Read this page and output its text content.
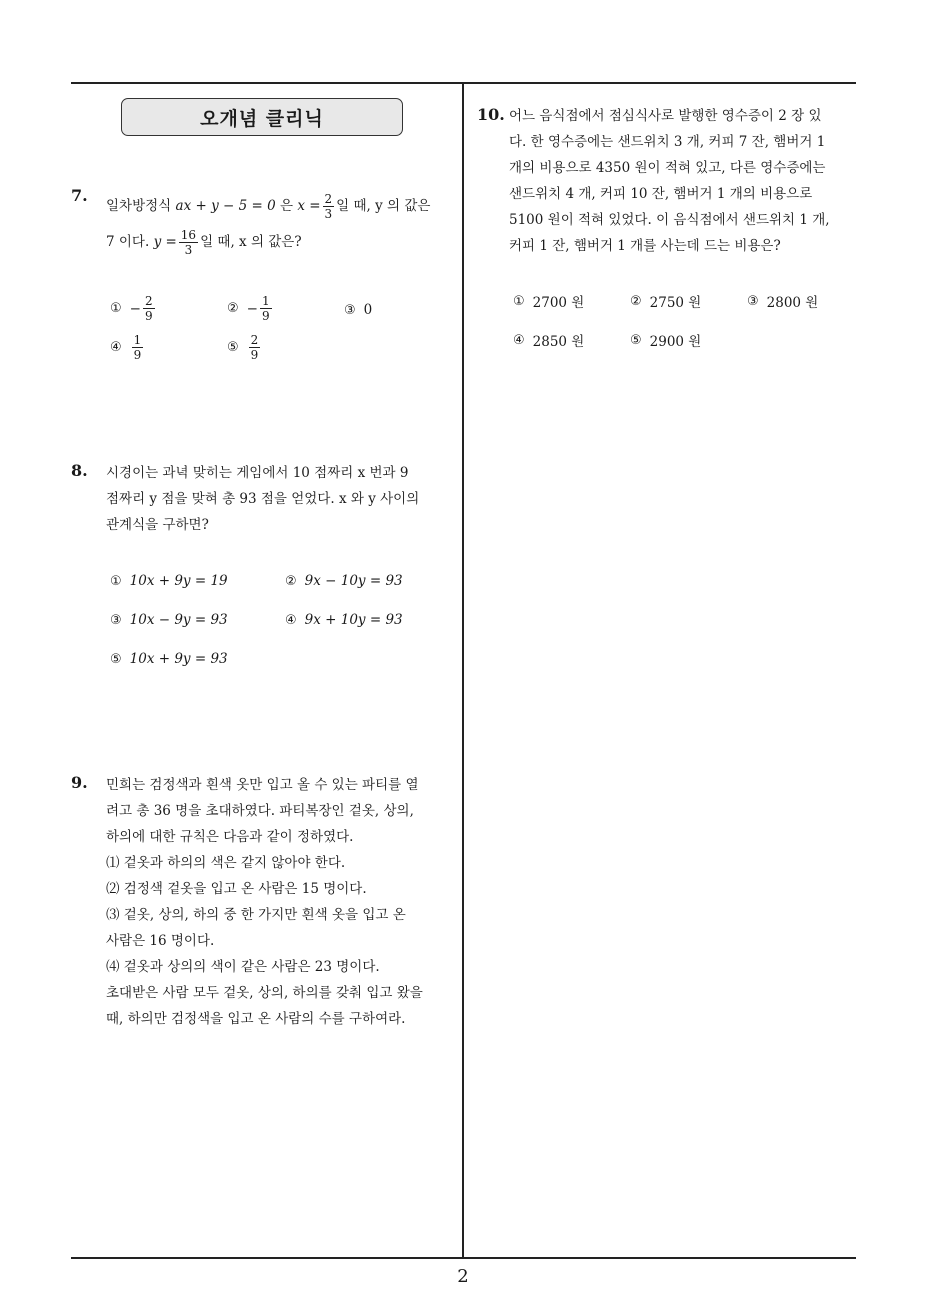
오개념 클리닉
7.
일차방정식
ax + y − 5 = 0
은
$x = \frac{2}{3}$ 일 때, y 의 값은
7 이다.
$y = \frac{16}{3}$ 일 때, x 의 값은?
① − $\frac{2}{9}$	② − $\frac{1}{9}$	③ 0
④ $\frac{1}{9}$	⑤ $\frac{2}{9}$
8. 시경이는 과녁 맞히는 게임에서 10 점짜리 x 번과 9
점짜리 y 점을 맞혀 총 93 점을 얻었다. x 와 y 사이의
관계식을 구하면?
① 10x + 9y = 19	② 9x − 10y = 93
③ 10x − 9y = 93	④ 9x + 10y = 93
⑤ 10x + 9y = 93
9. 민희는 검정색과 흰색 옷만 입고 올 수 있는 파티를 열
려고 총 36 명을 초대하였다. 파티복장인 겉옷, 상의,
하의에 대한 규칙은 다음과 같이 정하였다.
⑴ 겉옷과 하의의 색은 같지 않아야 한다.
⑵ 검정색 겉옷을 입고 온 사람은 15 명이다.
⑶ 겉옷, 상의, 하의 중 한 가지만 흰색 옷을 입고 온
사람은 16 명이다.
⑷ 겉옷과 상의의 색이 같은 사람은 23 명이다.
초대받은 사람 모두 겉옷, 상의, 하의를 갖춰 입고 왔을
때, 하의만 검정색을 입고 온 사람의 수를 구하여라.
10. 어느 음식점에서 점심식사로 발행한 영수증이 2 장 있
다. 한 영수증에는 샌드위치 3 개, 커피 7 잔, 햄버거 1
개의 비용으로 4350 원이 적혀 있고, 다른 영수증에는
샌드위치 4 개, 커피 10 잔, 햄버거 1 개의 비용으로
5100 원이 적혀 있었다. 이 음식점에서 샌드위치 1 개,
커피 1 잔, 햄버거 1 개를 사는데 드는 비용은?
① 2700 원	② 2750 원	③ 2800 원
④ 2850 원	⑤ 2900 원
2
